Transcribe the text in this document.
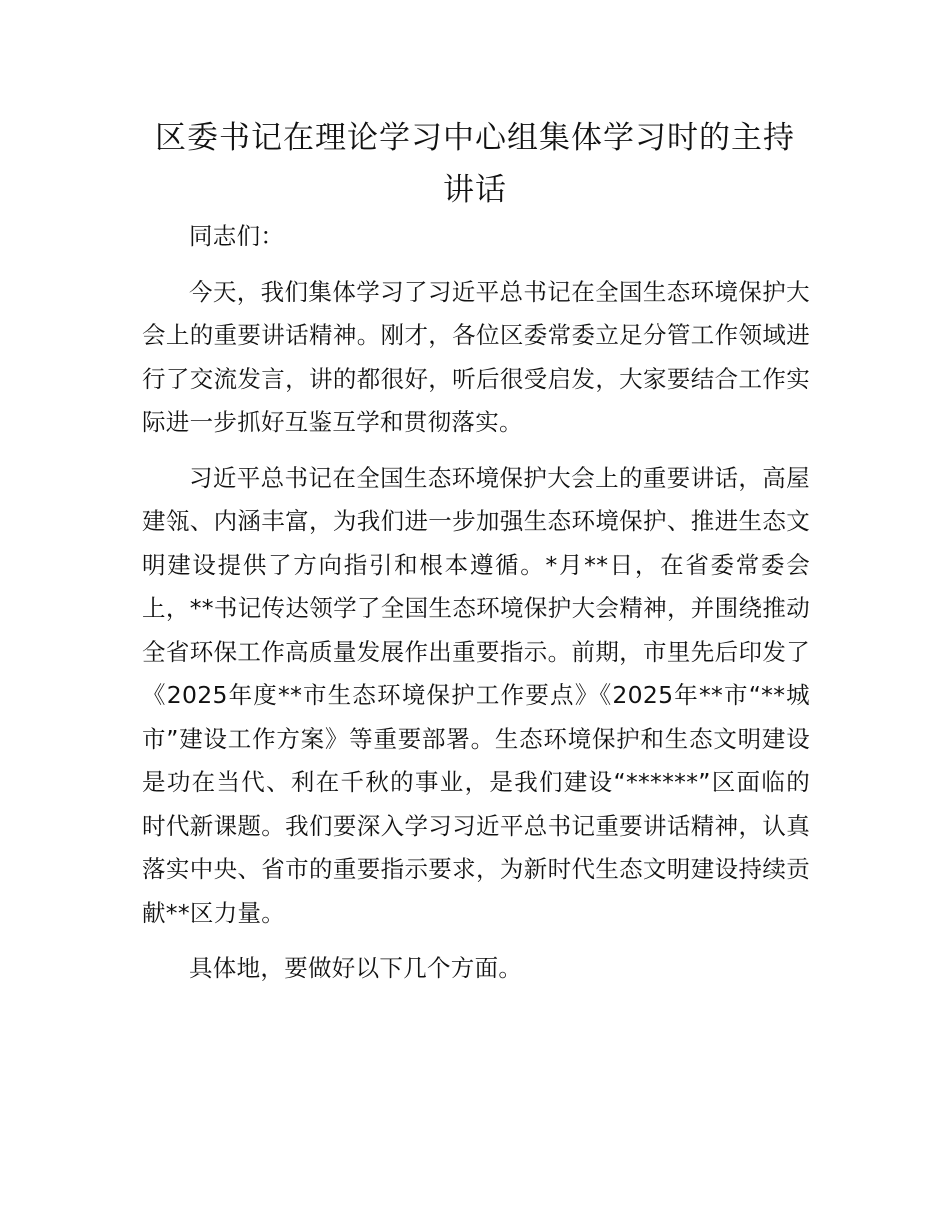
区委书记在理论学习中心组集体学习时的主持讲话

同志们：

今天，我们集体学习了习近平总书记在全国生态环境保护大会上的重要讲话精神。刚才，各位区委常委立足分管工作领域进行了交流发言，讲的都很好，听后很受启发，大家要结合工作实际进一步抓好互鉴互学和贯彻落实。

习近平总书记在全国生态环境保护大会上的重要讲话，高屋建瓴、内涵丰富，为我们进一步加强生态环境保护、推进生态文明建设提供了方向指引和根本遵循。*月**日，在省委常委会上，**书记传达领学了全国生态环境保护大会精神，并围绕推动全省环保工作高质量发展作出重要指示。前期，市里先后印发了《2025年度**市生态环境保护工作要点》《2025年**市“**城市”建设工作方案》等重要部署。生态环境保护和生态文明建设是功在当代、利在千秋的事业，是我们建设“******”区面临的时代新课题。我们要深入学习习近平总书记重要讲话精神，认真落实中央、省市的重要指示要求，为新时代生态文明建设持续贡献**区力量。

具体地，要做好以下几个方面。
